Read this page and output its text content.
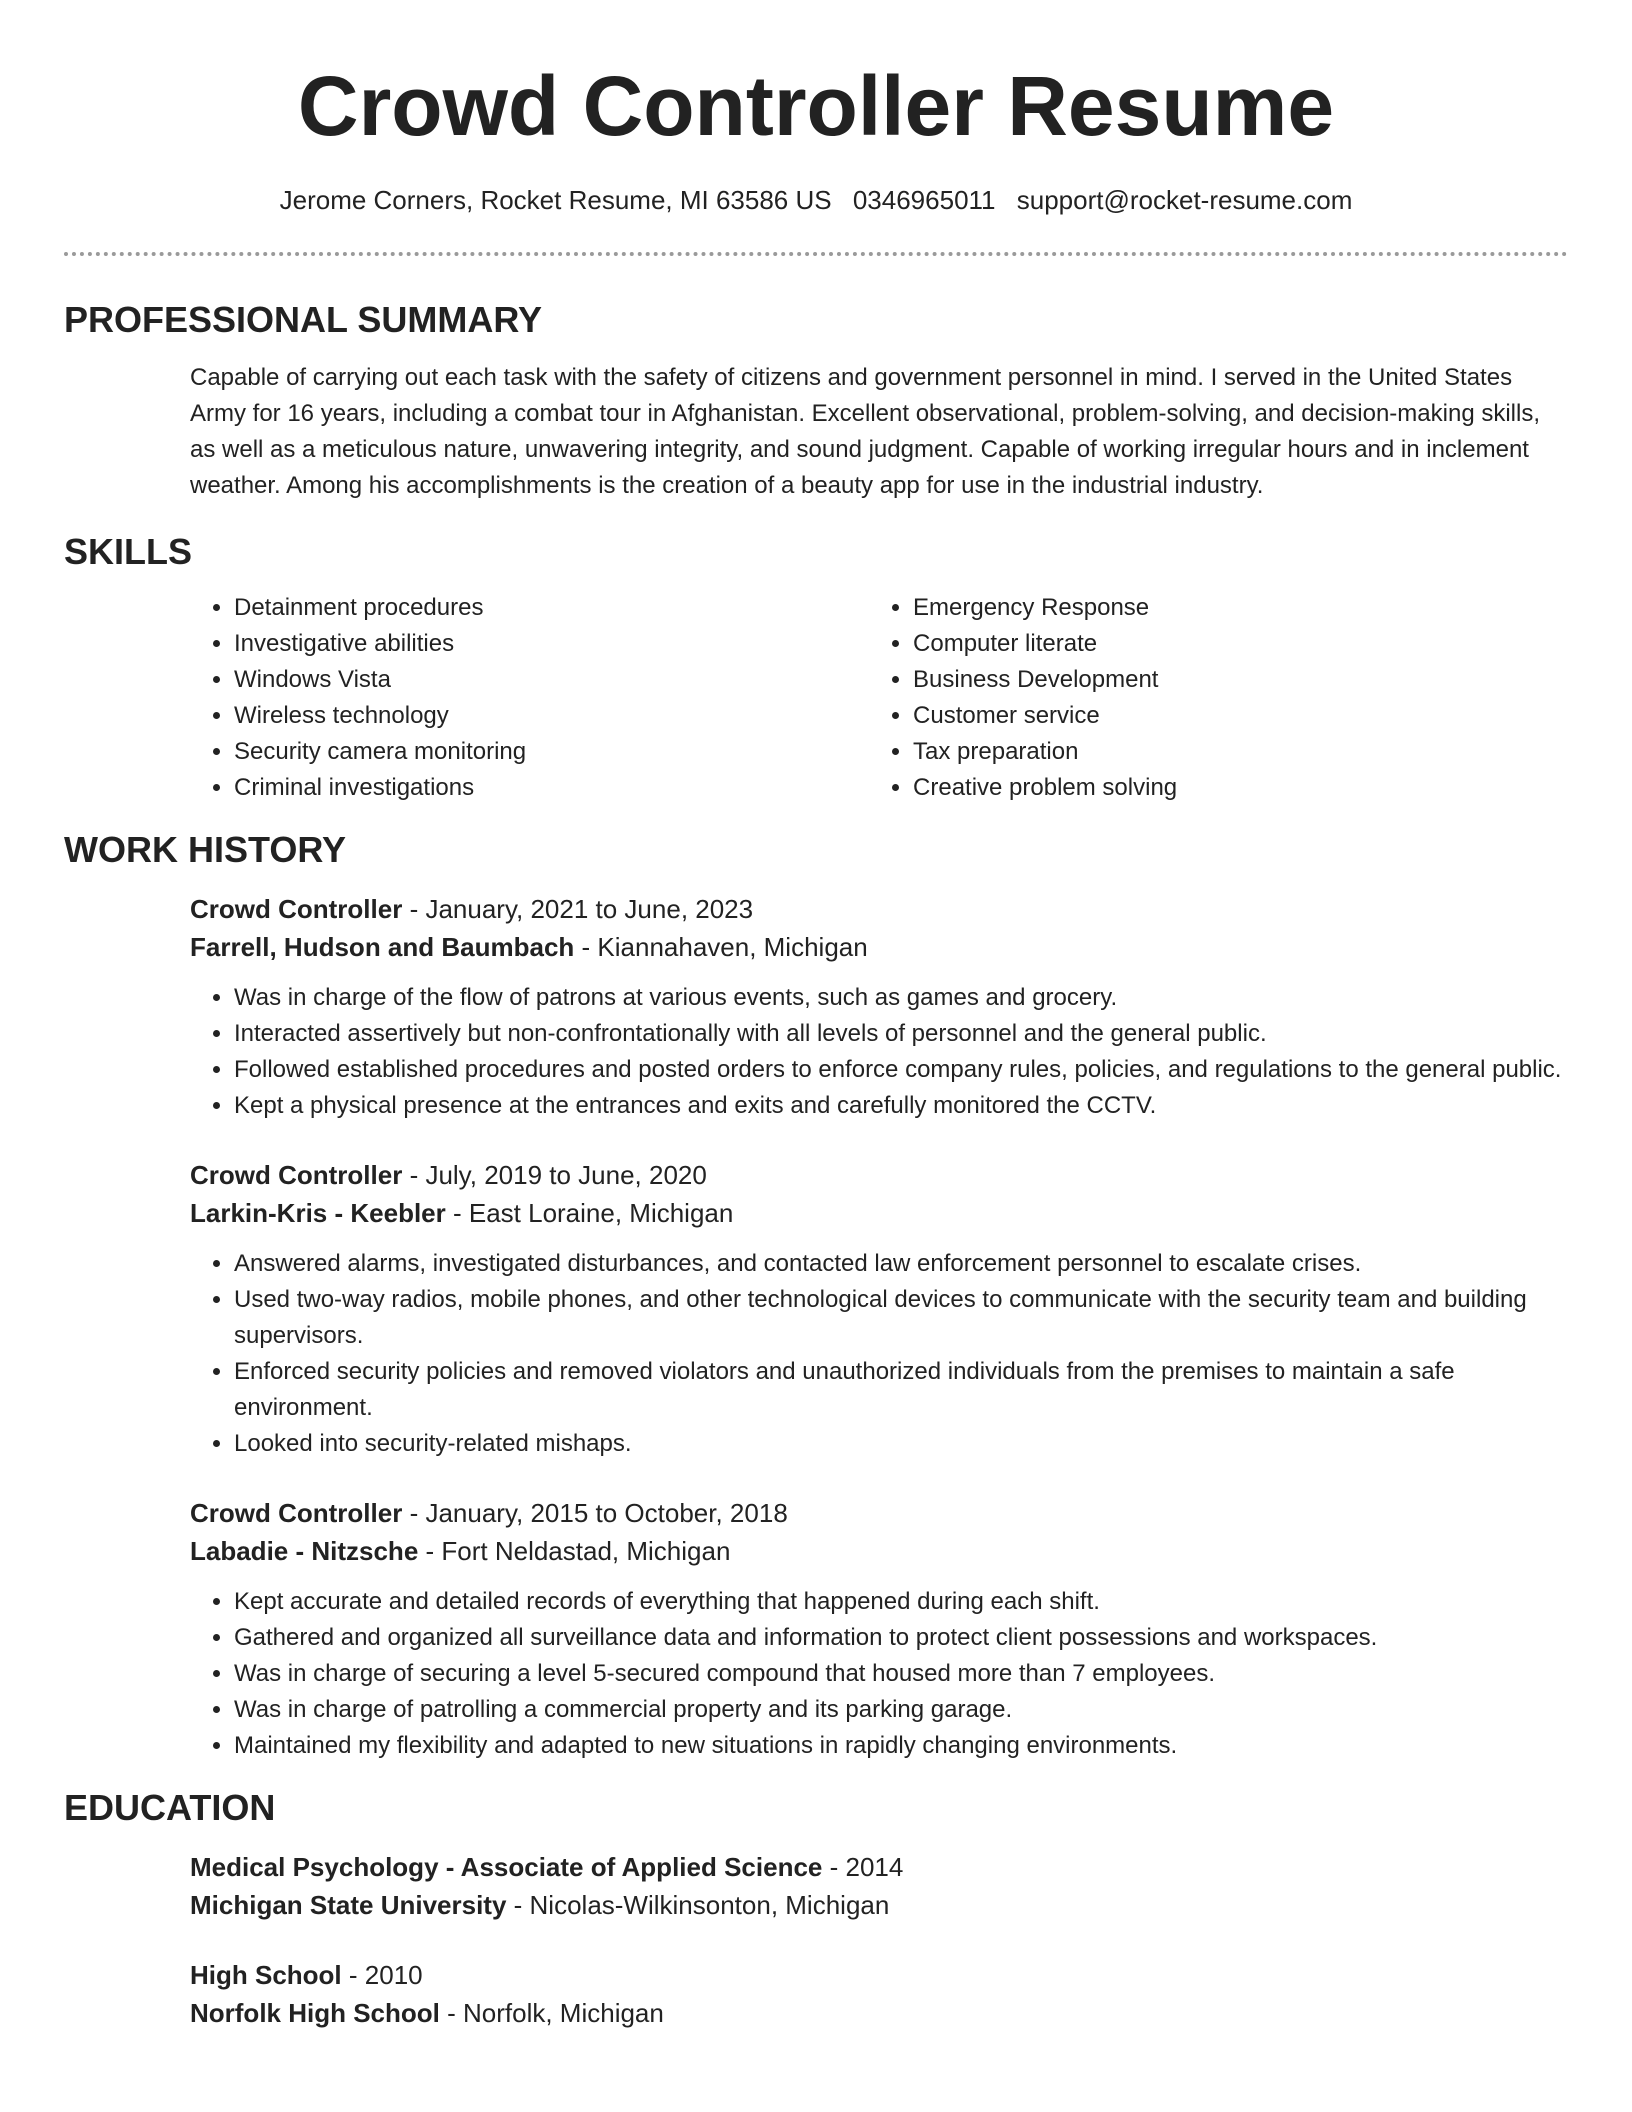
Crowd Controller Resume
Jerome Corners, Rocket Resume, MI 63586 US 0346965011 support@rocket-resume.com
PROFESSIONAL SUMMARY
Capable of carrying out each task with the safety of citizens and government personnel in mind. I served in the United States Army for 16 years, including a combat tour in Afghanistan. Excellent observational, problem-solving, and decision-making skills, as well as a meticulous nature, unwavering integrity, and sound judgment. Capable of working irregular hours and in inclement weather. Among his accomplishments is the creation of a beauty app for use in the industrial industry.
SKILLS
• Detainment procedures
• Investigative abilities
• Windows Vista
• Wireless technology
• Security camera monitoring
• Criminal investigations
• Emergency Response
• Computer literate
• Business Development
• Customer service
• Tax preparation
• Creative problem solving
WORK HISTORY
Crowd Controller - January, 2021 to June, 2023
Farrell, Hudson and Baumbach - Kiannahaven, Michigan
• Was in charge of the flow of patrons at various events, such as games and grocery.
• Interacted assertively but non-confrontationally with all levels of personnel and the general public.
• Followed established procedures and posted orders to enforce company rules, policies, and regulations to the general public.
• Kept a physical presence at the entrances and exits and carefully monitored the CCTV.
Crowd Controller - July, 2019 to June, 2020
Larkin-Kris - Keebler - East Loraine, Michigan
• Answered alarms, investigated disturbances, and contacted law enforcement personnel to escalate crises.
• Used two-way radios, mobile phones, and other technological devices to communicate with the security team and building supervisors.
• Enforced security policies and removed violators and unauthorized individuals from the premises to maintain a safe environment.
• Looked into security-related mishaps.
Crowd Controller - January, 2015 to October, 2018
Labadie - Nitzsche - Fort Neldastad, Michigan
• Kept accurate and detailed records of everything that happened during each shift.
• Gathered and organized all surveillance data and information to protect client possessions and workspaces.
• Was in charge of securing a level 5-secured compound that housed more than 7 employees.
• Was in charge of patrolling a commercial property and its parking garage.
• Maintained my flexibility and adapted to new situations in rapidly changing environments.
EDUCATION
Medical Psychology - Associate of Applied Science - 2014
Michigan State University - Nicolas-Wilkinsonton, Michigan
High School - 2010
Norfolk High School - Norfolk, Michigan
